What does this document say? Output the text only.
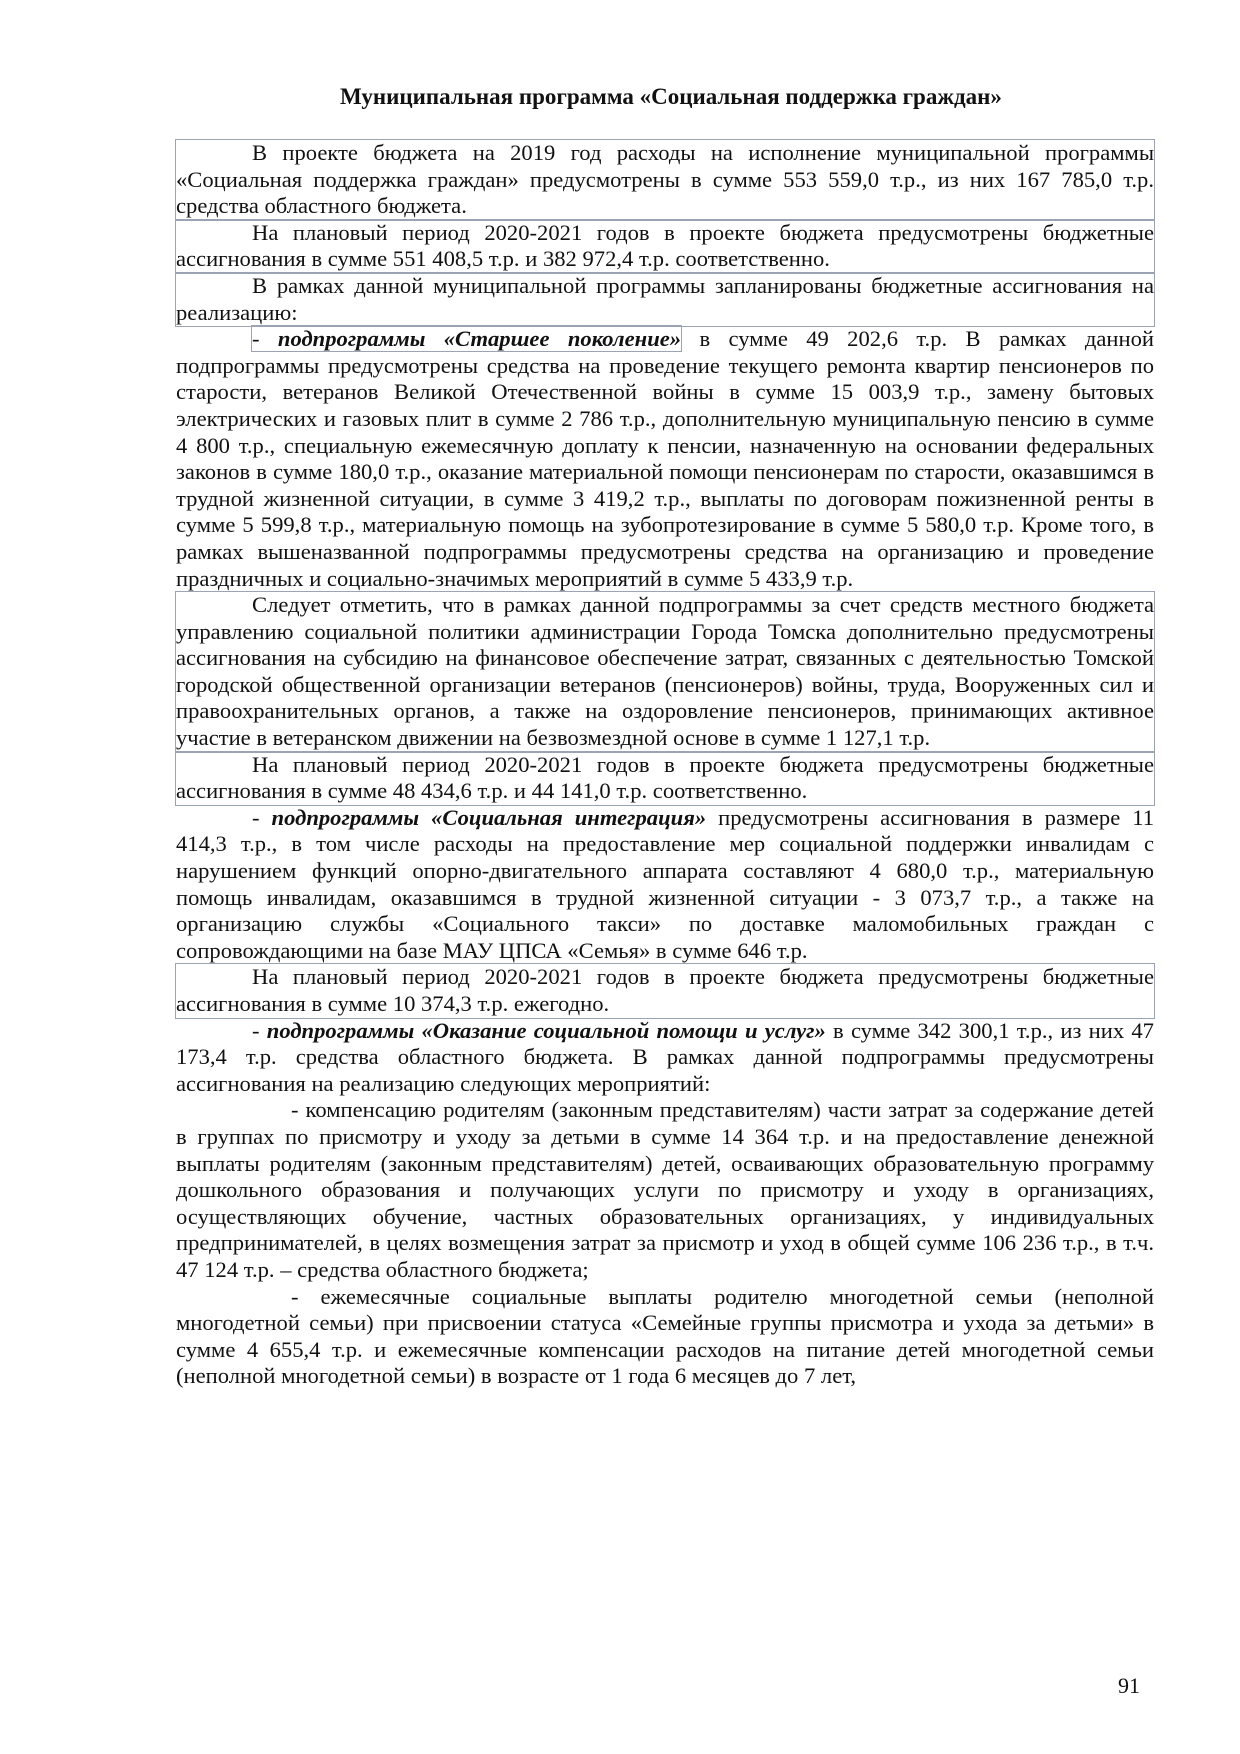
Муниципальная программа «Социальная поддержка граждан»

В проекте бюджета на 2019 год расходы на исполнение муниципальной программы «Социальная поддержка граждан» предусмотрены в сумме 553 559,0 т.р., из них 167 785,0 т.р. средства областного бюджета.

На плановый период 2020-2021 годов в проекте бюджета предусмотрены бюджетные ассигнования в сумме 551 408,5 т.р. и 382 972,4 т.р. соответственно.

В рамках данной муниципальной программы запланированы бюджетные ассигнования на реализацию:

- подпрограммы «Старшее поколение» в сумме 49 202,6 т.р. В рамках данной подпрограммы предусмотрены средства на проведение текущего ремонта квартир пенсионеров по старости, ветеранов Великой Отечественной войны в сумме 15 003,9 т.р., замену бытовых электрических и газовых плит в сумме 2 786 т.р., дополнительную муниципальную пенсию в сумме 4 800 т.р., специальную ежемесячную доплату к пенсии, назначенную на основании федеральных законов в сумме 180,0 т.р., оказание материальной помощи пенсионерам по старости, оказавшимся в трудной жизненной ситуации, в сумме 3 419,2 т.р., выплаты по договорам пожизненной ренты в сумме 5 599,8 т.р., материальную помощь на зубопротезирование в сумме 5 580,0 т.р. Кроме того, в рамках вышеназванной подпрограммы предусмотрены средства на организацию и проведение праздничных и социально-значимых мероприятий в сумме 5 433,9 т.р.

Следует отметить, что в рамках данной подпрограммы за счет средств местного бюджета управлению социальной политики администрации Города Томска дополнительно предусмотрены ассигнования на субсидию на финансовое обеспечение затрат, связанных с деятельностью Томской городской общественной организации ветеранов (пенсионеров) войны, труда, Вооруженных сил и правоохранительных органов, а также на оздоровление пенсионеров, принимающих активное участие в ветеранском движении на безвозмездной основе в сумме 1 127,1 т.р.

На плановый период 2020-2021 годов в проекте бюджета предусмотрены бюджетные ассигнования в сумме 48 434,6 т.р. и 44 141,0 т.р. соответственно.

- подпрограммы «Социальная интеграция» предусмотрены ассигнования в размере 11 414,3 т.р., в том числе расходы на предоставление мер социальной поддержки инвалидам с нарушением функций опорно-двигательного аппарата составляют 4 680,0 т.р., материальную помощь инвалидам, оказавшимся в трудной жизненной ситуации - 3 073,7 т.р., а также на организацию службы «Социального такси» по доставке маломобильных граждан с сопровождающими на базе МАУ ЦПСА «Семья» в сумме 646 т.р.

На плановый период 2020-2021 годов в проекте бюджета предусмотрены бюджетные ассигнования в сумме 10 374,3 т.р. ежегодно.

- подпрограммы «Оказание социальной помощи и услуг» в сумме 342 300,1 т.р., из них 47 173,4 т.р. средства областного бюджета. В рамках данной подпрограммы предусмотрены ассигнования на реализацию следующих мероприятий:

- компенсацию родителям (законным представителям) части затрат за содержание детей в группах по присмотру и уходу за детьми в сумме 14 364 т.р. и на предоставление денежной выплаты родителям (законным представителям) детей, осваивающих образовательную программу дошкольного образования и получающих услуги по присмотру и уходу в организациях, осуществляющих обучение, частных образовательных организациях, у индивидуальных предпринимателей, в целях возмещения затрат за присмотр и уход в общей сумме 106 236 т.р., в т.ч. 47 124 т.р. – средства областного бюджета;

- ежемесячные социальные выплаты родителю многодетной семьи (неполной многодетной семьи) при присвоении статуса «Семейные группы присмотра и ухода за детьми» в сумме 4 655,4 т.р. и ежемесячные компенсации расходов на питание детей многодетной семьи (неполной многодетной семьи) в возрасте от 1 года 6 месяцев до 7 лет,

91
